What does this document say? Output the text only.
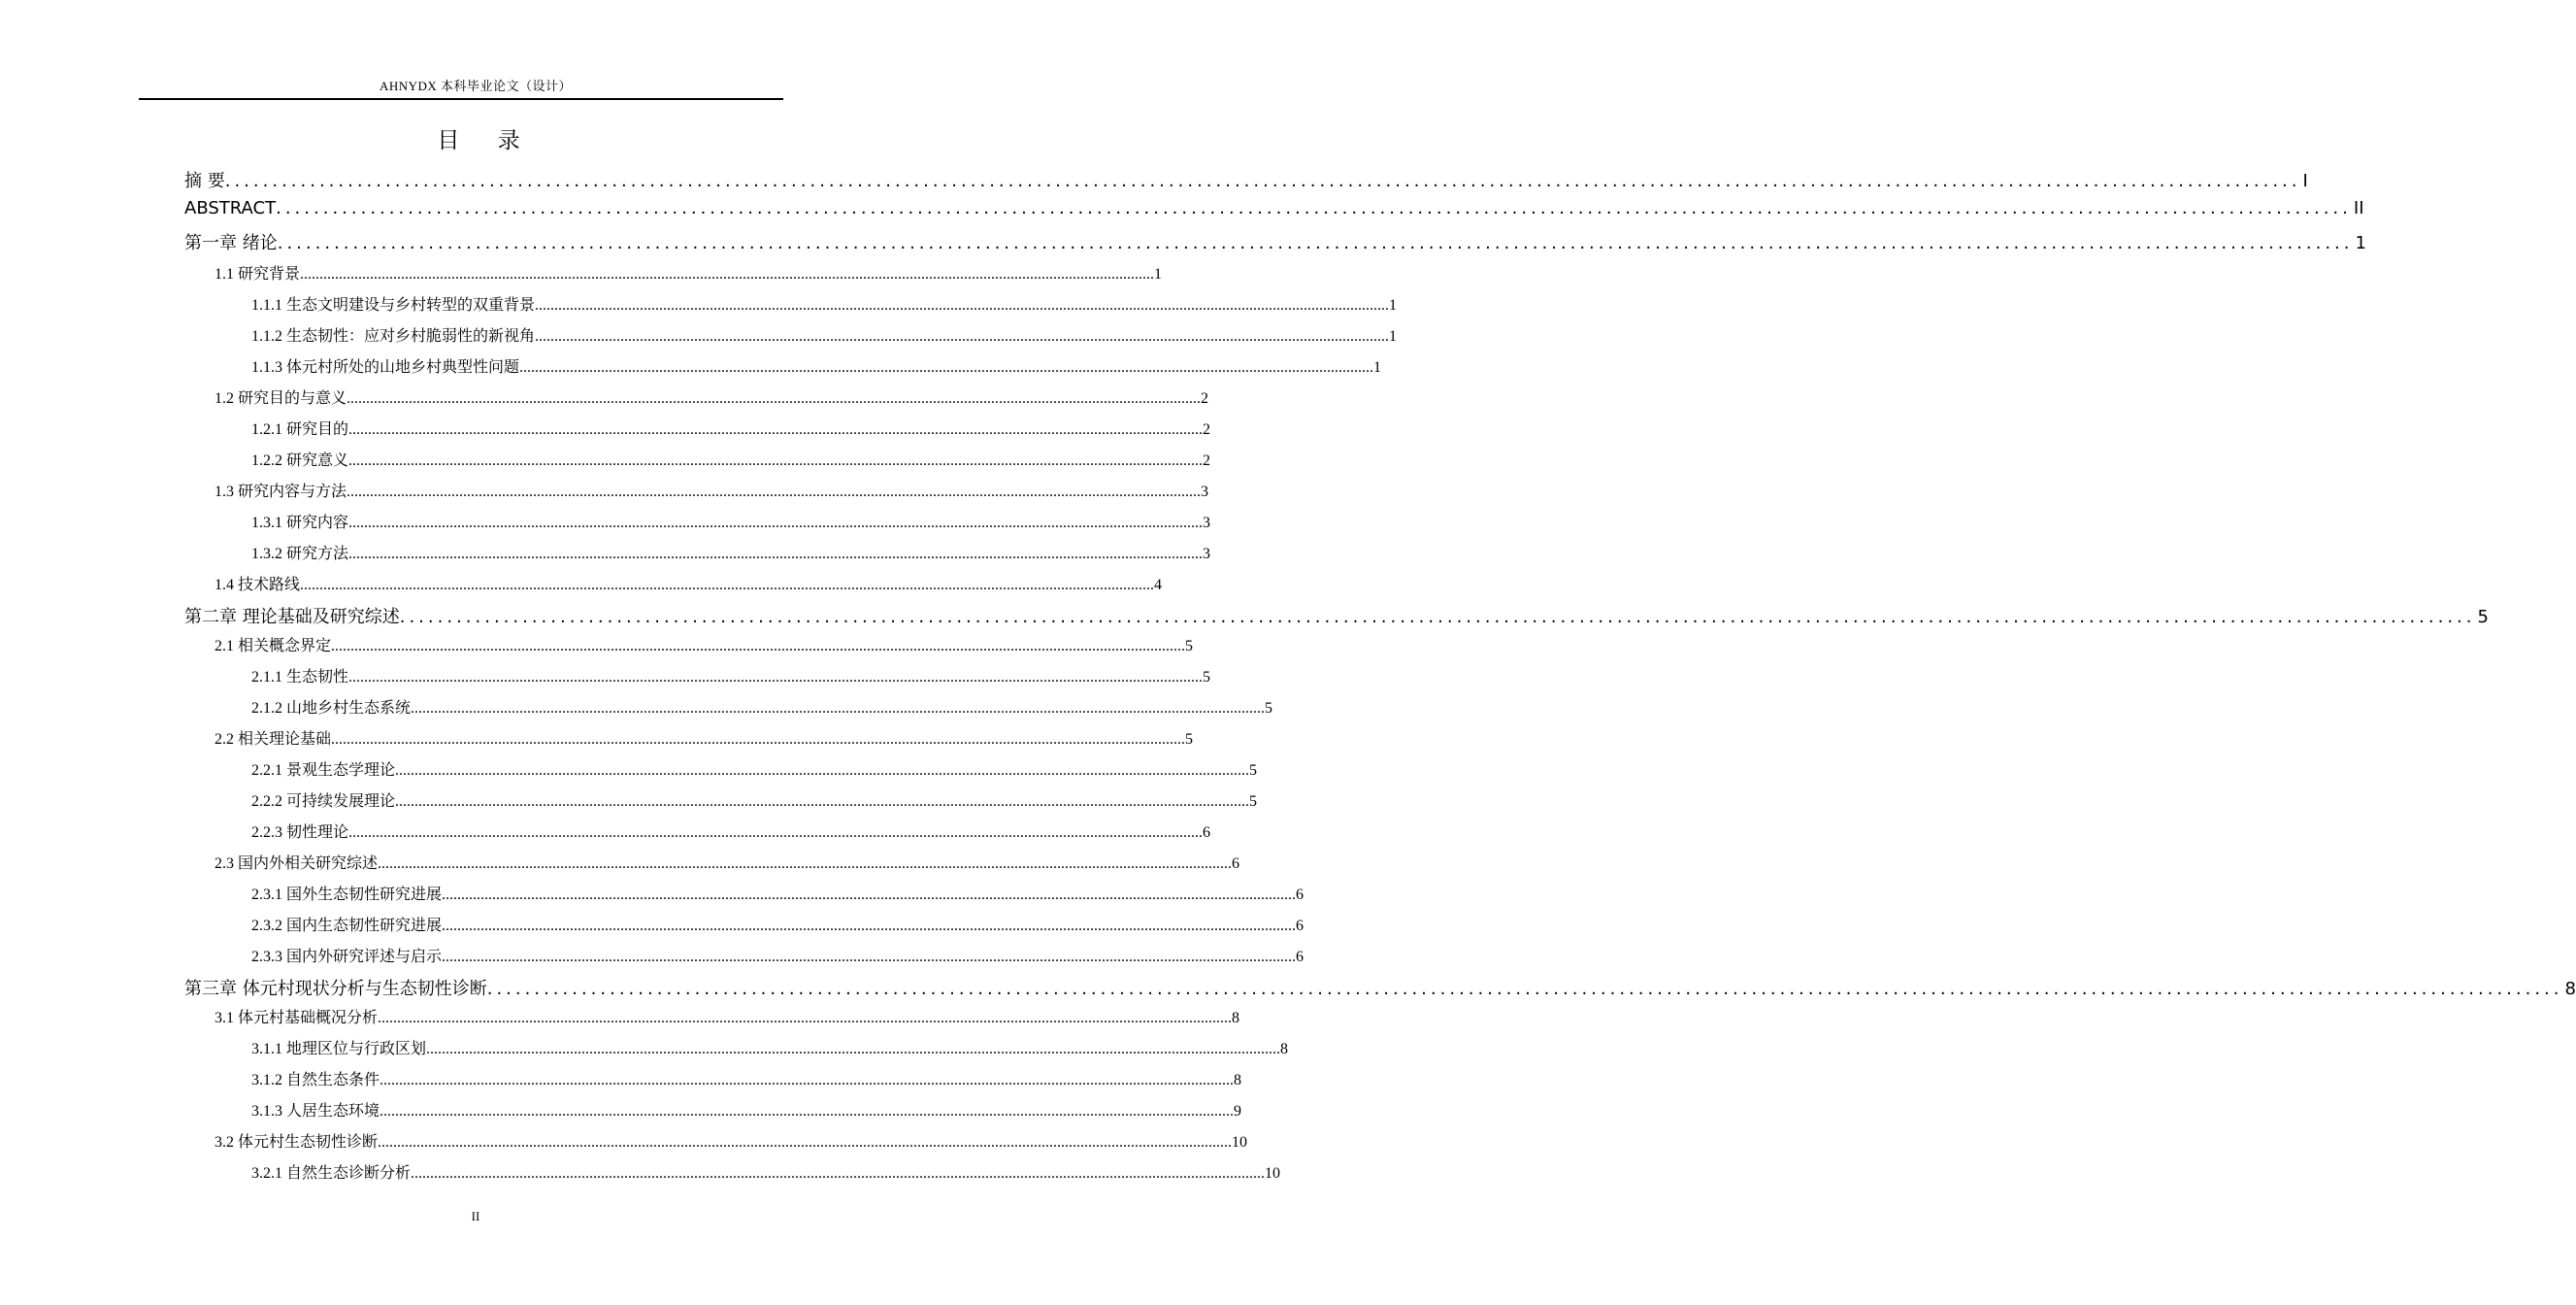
AHNYDX 本科毕业论文（设计）
目 录
摘 要 ............................................................................................................................................................................................................................ I
ABSTRACT ............................................................................................................................................................................................................................ II
第一章 绪论 ............................................................................................................................................................................................................................ 1
1.1 研究背景 ............................................................................................................................................................................................................................ 1
1.1.1 生态文明建设与乡村转型的双重背景 ............................................................................................................................................................................................................................ 1
1.1.2 生态韧性：应对乡村脆弱性的新视角 ............................................................................................................................................................................................................................ 1
1.1.3 体元村所处的山地乡村典型性问题 ............................................................................................................................................................................................................................ 1
1.2 研究目的与意义 ............................................................................................................................................................................................................................ 2
1.2.1 研究目的 ............................................................................................................................................................................................................................ 2
1.2.2 研究意义 ............................................................................................................................................................................................................................ 2
1.3 研究内容与方法 ............................................................................................................................................................................................................................ 3
1.3.1 研究内容 ............................................................................................................................................................................................................................ 3
1.3.2 研究方法 ............................................................................................................................................................................................................................ 3
1.4 技术路线 ............................................................................................................................................................................................................................ 4
第二章 理论基础及研究综述 ............................................................................................................................................................................................................................ 5
2.1 相关概念界定 ............................................................................................................................................................................................................................ 5
2.1.1 生态韧性 ............................................................................................................................................................................................................................ 5
2.1.2 山地乡村生态系统 ............................................................................................................................................................................................................................ 5
2.2 相关理论基础 ............................................................................................................................................................................................................................ 5
2.2.1 景观生态学理论 ............................................................................................................................................................................................................................ 5
2.2.2 可持续发展理论 ............................................................................................................................................................................................................................ 5
2.2.3 韧性理论 ............................................................................................................................................................................................................................ 6
2.3 国内外相关研究综述 ............................................................................................................................................................................................................................ 6
2.3.1 国外生态韧性研究进展 ............................................................................................................................................................................................................................ 6
2.3.2 国内生态韧性研究进展 ............................................................................................................................................................................................................................ 6
2.3.3 国内外研究评述与启示 ............................................................................................................................................................................................................................ 6
第三章 体元村现状分析与生态韧性诊断 ............................................................................................................................................................................................................................ 8
3.1 体元村基础概况分析 ............................................................................................................................................................................................................................ 8
3.1.1 地理区位与行政区划 ............................................................................................................................................................................................................................ 8
3.1.2 自然生态条件 ............................................................................................................................................................................................................................ 8
3.1.3 人居生态环境 ............................................................................................................................................................................................................................ 9
3.2 体元村生态韧性诊断 ............................................................................................................................................................................................................................ 10
3.2.1 自然生态诊断分析 ............................................................................................................................................................................................................................ 10
II
